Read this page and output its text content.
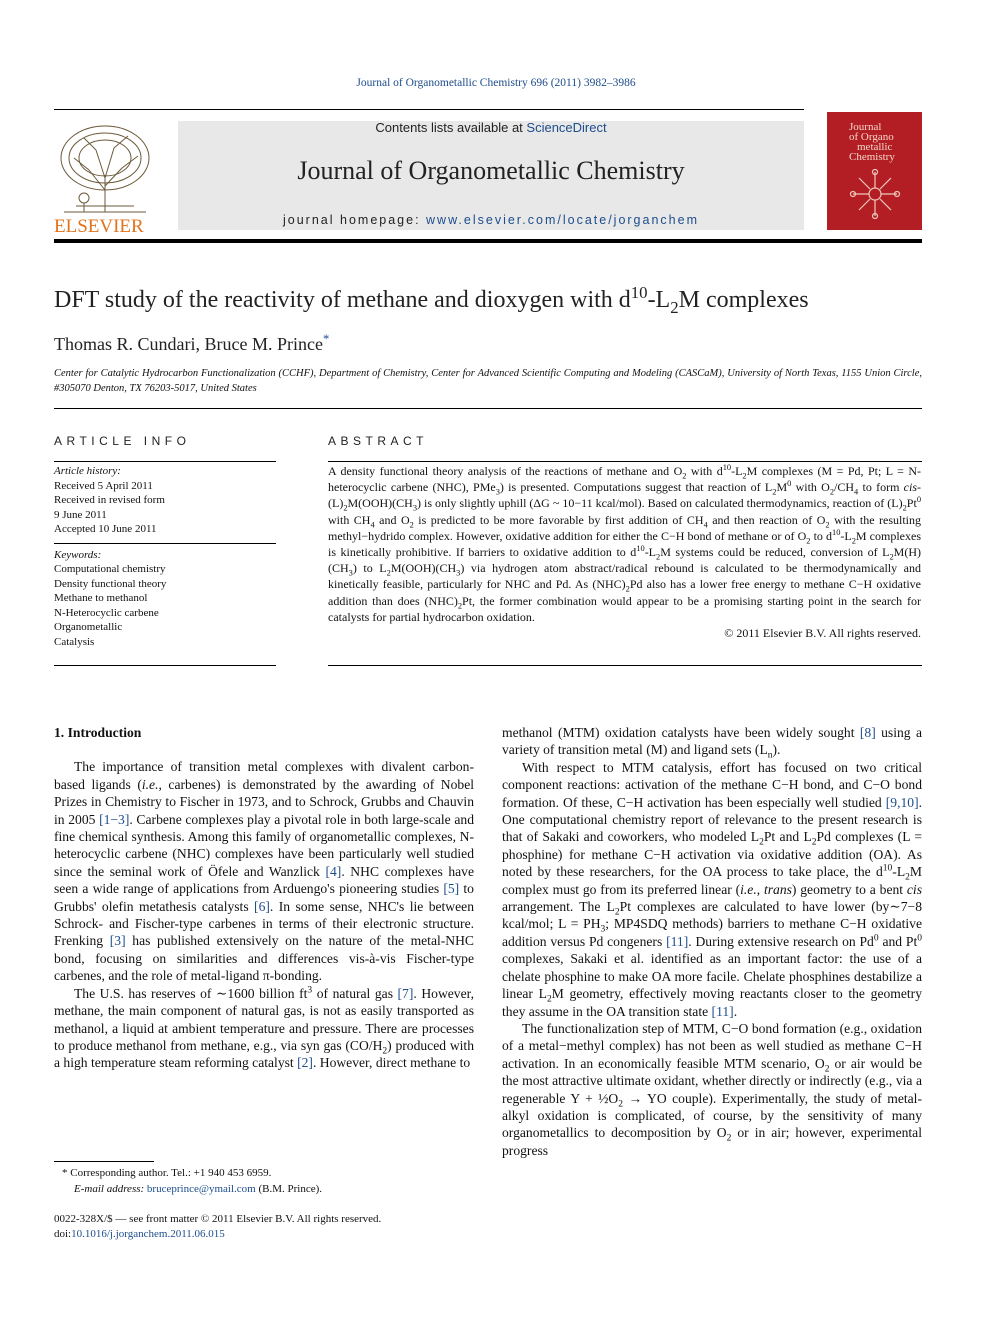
Journal of Organometallic Chemistry 696 (2011) 3982–3986
ELSEVIER
Contents lists available at ScienceDirect
Journal of Organometallic Chemistry
journal homepage: www.elsevier.com/locate/jorganchem
Journal
of Organo
metallic
Chemistry
DFT study of the reactivity of methane and dioxygen with $d^{10}-L_2M$ complexes
Thomas R. Cundari, Bruce M. Prince*
Center for Catalytic Hydrocarbon Functionalization (CCHF), Department of Chemistry, Center for Advanced Scientific Computing and Modeling (CASCaM), University of North Texas, 1155 Union Circle, #305070 Denton, TX 76203-5017, United States
ARTICLE INFO	ABSTRACT
Article history:
Received 5 April 2011
Received in revised form
9 June 2011
Accepted 10 June 2011
Keywords:
Computational chemistry
Density functional theory
Methane to methanol
N-Heterocyclic carbene
Organometallic
Catalysis

A density functional theory analysis of the reactions of methane and $O_2$ with $d^{10}-L_2M$ complexes (M = Pd, Pt; L = N-heterocyclic carbene (NHC), PMe$_3$) is presented. Computations suggest that reaction of $L_2M^0$ with $O_2/CH_4$ to form cis- $(L)_2M(OOH)(CH_3)$ is only slightly uphill (ΔG ~ 10−11 kcal/mol). Based on calculated thermodynamics, reaction of $(L)_2Pt^0$ with $CH_4$ and $O_2$ is predicted to be more favorable by first addition of $CH_4$ and then reaction of $O_2$ with the resulting methyl−hydrido complex. However, oxidative addition for either the C−H bond of methane or of $O_2$ to $d^{10}-L_2M$ complexes is kinetically prohibitive. If barriers to oxidative addition to $d^{10}-L_2M$ systems could be reduced, conversion of $L_2M(H)(CH_3)$ to $L_2M(OOH)(CH_3)$ via hydrogen atom abstract/radical rebound is calculated to be thermodynamically and kinetically feasible, particularly for NHC and Pd. As $(NHC)_2Pd$ also has a lower free energy to methane C−H oxidative addition than does $(NHC)_2Pt$, the former combination would appear to be a promising starting point in the search for catalysts for partial hydrocarbon oxidation.

© 2011 Elsevier B.V. All rights reserved.

1. Introduction

The importance of transition metal complexes with divalent carbon-based ligands (i.e., carbenes) is demonstrated by the awarding of Nobel Prizes in Chemistry to Fischer in 1973, and to Schrock, Grubbs and Chauvin in 2005 [1−3]. Carbene complexes play a pivotal role in both large-scale and fine chemical synthesis. Among this family of organometallic complexes, N-heterocyclic carbene (NHC) complexes have been particularly well studied since the seminal work of Öfele and Wanzlick [4]. NHC complexes have seen a wide range of applications from Arduengo's pioneering studies [5] to Grubbs' olefin metathesis catalysts [6]. In some sense, NHC's lie between Schrock- and Fischer-type carbenes in terms of their electronic structure. Frenking [3] has published extensively on the nature of the metal-NHC bond, focusing on similarities and differences vis-à-vis Fischer-type carbenes, and the role of metal-ligand π-bonding.

The U.S. has reserves of ∼1600 billion $ft^3$ of natural gas [7]. However, methane, the main component of natural gas, is not as easily transported as methanol, a liquid at ambient temperature and pressure. There are processes to produce methanol from methane, e.g., via syn gas $(CO/H_2)$ produced with a high temperature steam reforming catalyst [2]. However, direct methane to

methanol (MTM) oxidation catalysts have been widely sought [8] using a variety of transition metal (M) and ligand sets $(L_n)$.

With respect to MTM catalysis, effort has focused on two critical component reactions: activation of the methane C−H bond, and C−O bond formation. Of these, C−H activation has been especially well studied [9,10]. One computational chemistry report of relevance to the present research is that of Sakaki and coworkers, who modeled $L_2Pt$ and $L_2Pd$ complexes (L = phosphine) for methane C−H activation via oxidative addition (OA). As noted by these researchers, for the OA process to take place, the $d^{10}-L_2M$ complex must go from its preferred linear (i.e., trans) geometry to a bent cis arrangement. The $L_2Pt$ complexes are calculated to have lower (by∼7−8 kcal/mol; $L = PH_3$; MP4SDQ methods) barriers to methane C−H oxidative addition versus Pd congeners [11]. During extensive research on Pd$^0$ and Pt$^0$ complexes, Sakaki et al. identified as an important factor: the use of a chelate phosphine to make OA more facile. Chelate phosphines destabilize a linear $L_2M$ geometry, effectively moving reactants closer to the geometry they assume in the OA transition state [11].

The functionalization step of MTM, C−O bond formation (e.g., oxidation of a metal−methyl complex) has not been as well studied as methane C−H activation. In an economically feasible MTM scenario, $O_2$ or air would be the most attractive ultimate oxidant, whether directly or indirectly (e.g., via a regenerable $Y + \frac{1}{2}O_2$ → YO couple). Experimentally, the study of metal-alkyl oxidation is complicated, of course, by the sensitivity of many organometallics to decomposition by $O_2$ or in air; however, experimental progress

* Corresponding author. Tel.: +1 940 453 6959.
E-mail address: bruceprince@ymail.com (B.M. Prince).
0022-328X/$ — see front matter © 2011 Elsevier B.V. All rights reserved.
doi:10.1016/j.jorganchem.2011.06.015
